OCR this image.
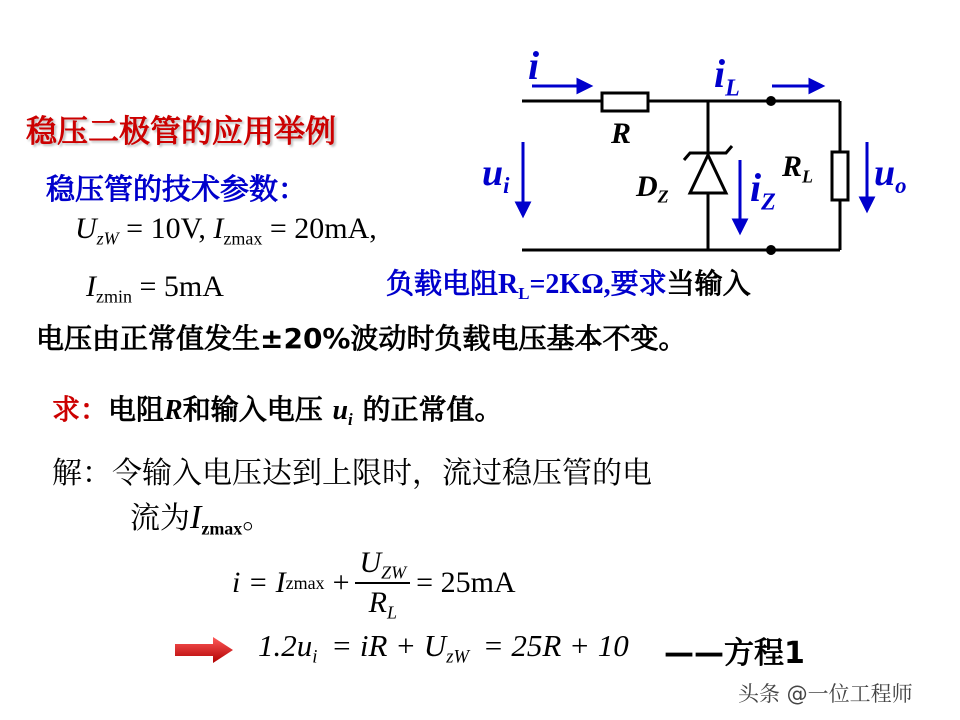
稳压二极管的应用举例
稳压管的技术参数：
$U_{zW} = 10V$, $I_{zmax} = 20mA$,
$I_{zmin} = 5mA$
i	$i_L$
R
$u_i$	$D_Z$ $i_Z$
$R_L$ $u_o$
负载电阻$R_L=2K\Omega$,要求当输入
电压由正常值发生±20%波动时负载电压基本不变。
求：电阻R和输入电压 $u_i$ 的正常值。
解：令输入电压达到上限时，流过稳压管的电
流为$I_{zmax}$。
i = I $zmax + \frac{U_{ZW}}{R_L} = 25mA$
$1.2u_i$ = iR + $U_{zW} = 25R + 10$ ——方程1
头条 @一位工程师
